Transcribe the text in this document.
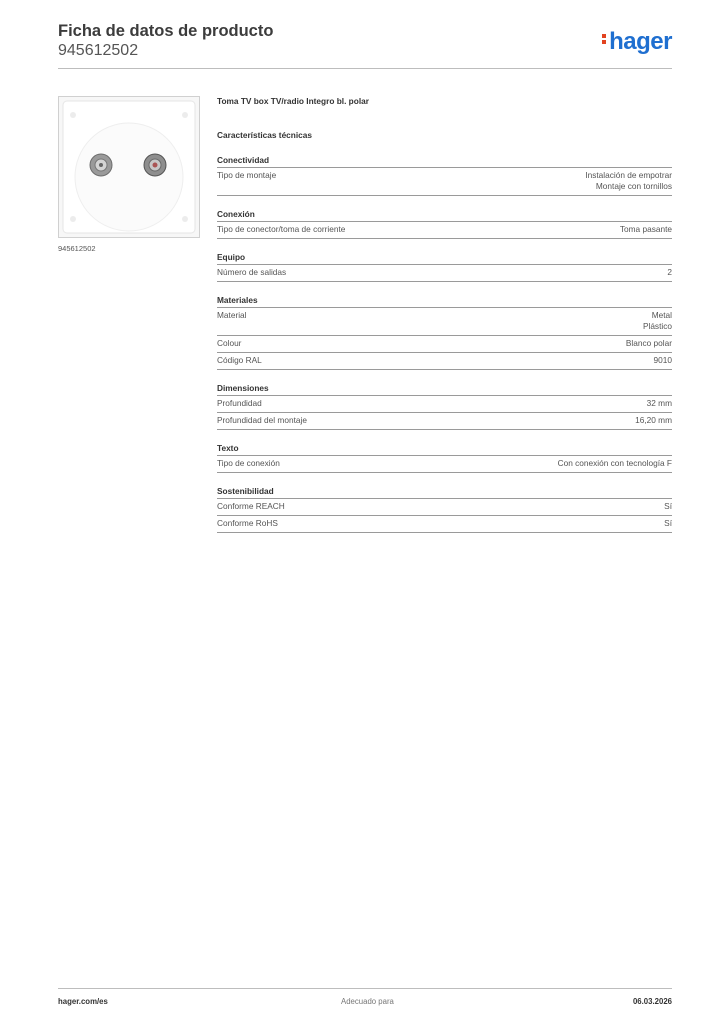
Ficha de datos de producto
945612502	hager
945612502
Toma TV box TV/radio Integro bl. polar
Características técnicas
Conectividad
Tipo de montaje	Instalación de empotrar
Montaje con tornillos
Conexión
Tipo de conector/toma de corriente	Toma pasante
Equipo
Número de salidas	2
Materiales
Material	Metal
Plástico
Colour	Blanco polar
Código RAL	9010
Dimensiones
Profundidad	32 mm
Profundidad del montaje	16,20 mm
Texto
Tipo de conexión	Con conexión con tecnología F
Sostenibilidad
Conforme REACH	Sí
Conforme RoHS	Sí
hager.com/es	Adecuado para	06.03.2026
